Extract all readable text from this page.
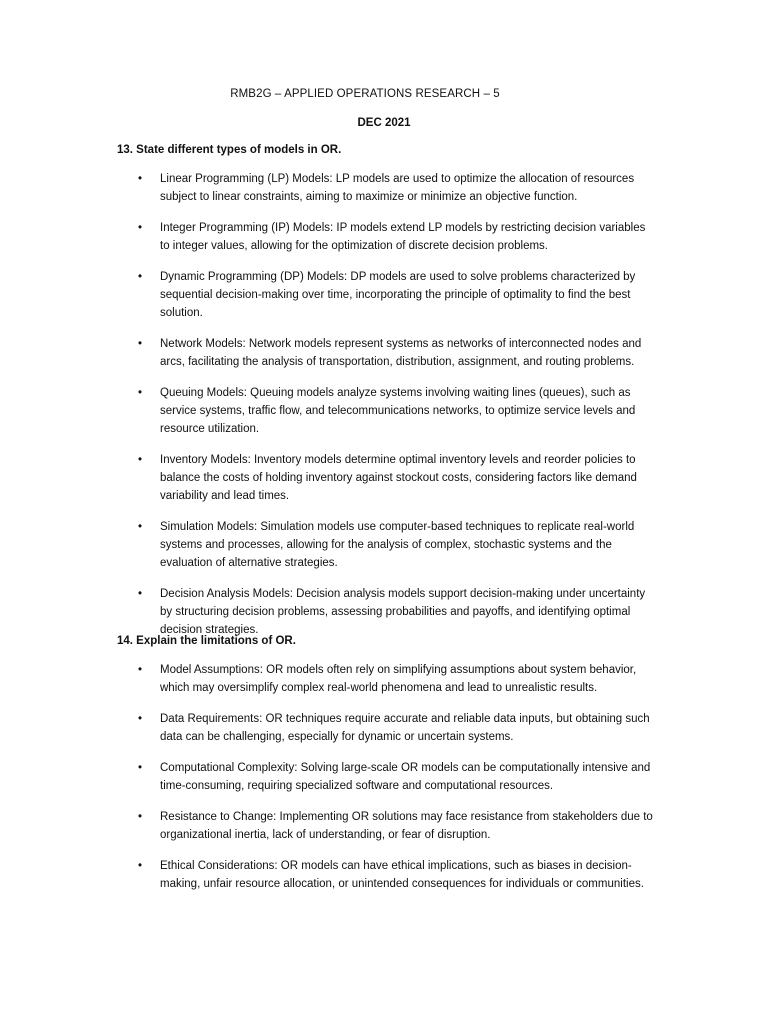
RMB2G – APPLIED OPERATIONS RESEARCH – 5
DEC 2021

13. State different types of models in OR.

• Linear Programming (LP) Models: LP models are used to optimize the allocation of resources subject to linear constraints, aiming to maximize or minimize an objective function.
• Integer Programming (IP) Models: IP models extend LP models by restricting decision variables to integer values, allowing for the optimization of discrete decision problems.
• Dynamic Programming (DP) Models: DP models are used to solve problems characterized by sequential decision-making over time, incorporating the principle of optimality to find the best solution.
• Network Models: Network models represent systems as networks of interconnected nodes and arcs, facilitating the analysis of transportation, distribution, assignment, and routing problems.
• Queuing Models: Queuing models analyze systems involving waiting lines (queues), such as service systems, traffic flow, and telecommunications networks, to optimize service levels and resource utilization.
• Inventory Models: Inventory models determine optimal inventory levels and reorder policies to balance the costs of holding inventory against stockout costs, considering factors like demand variability and lead times.
• Simulation Models: Simulation models use computer-based techniques to replicate real-world systems and processes, allowing for the analysis of complex, stochastic systems and the evaluation of alternative strategies.
• Decision Analysis Models: Decision analysis models support decision-making under uncertainty by structuring decision problems, assessing probabilities and payoffs, and identifying optimal decision strategies.

14. Explain the limitations of OR.

• Model Assumptions: OR models often rely on simplifying assumptions about system behavior, which may oversimplify complex real-world phenomena and lead to unrealistic results.
• Data Requirements: OR techniques require accurate and reliable data inputs, but obtaining such data can be challenging, especially for dynamic or uncertain systems.
• Computational Complexity: Solving large-scale OR models can be computationally intensive and time-consuming, requiring specialized software and computational resources.
• Resistance to Change: Implementing OR solutions may face resistance from stakeholders due to organizational inertia, lack of understanding, or fear of disruption.
• Ethical Considerations: OR models can have ethical implications, such as biases in decision-making, unfair resource allocation, or unintended consequences for individuals or communities.
